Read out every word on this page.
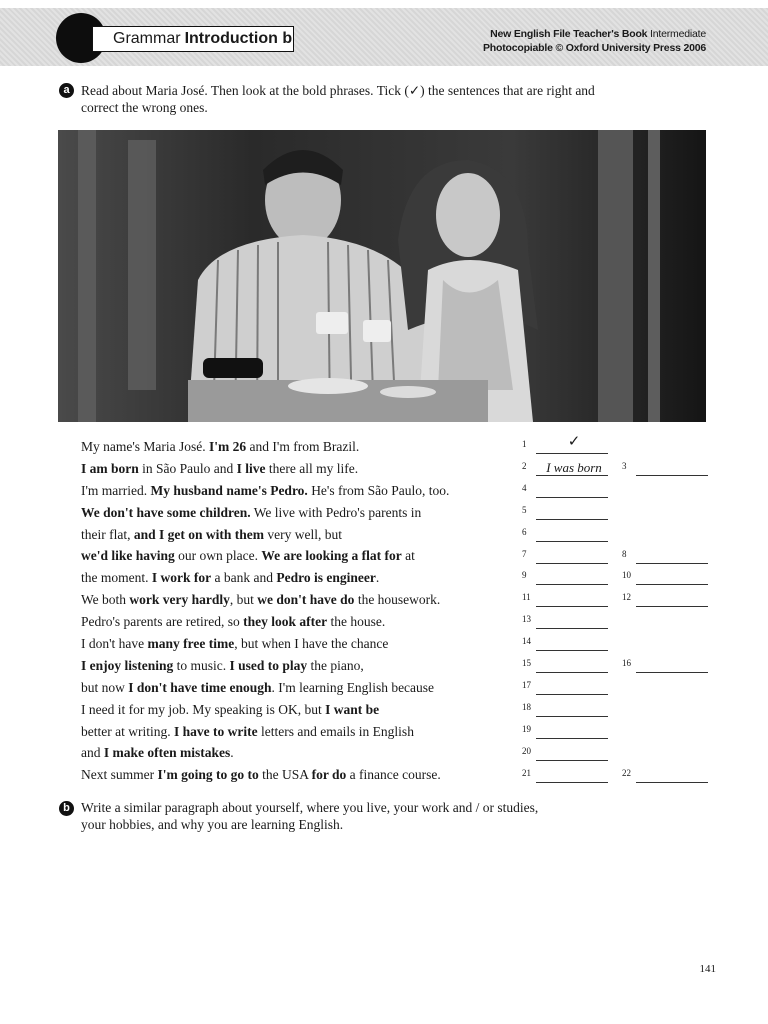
Grammar Introduction b	New English File Teacher's Book Intermediate
Photocopiable © Oxford University Press 2006
a Read about Maria José. Then look at the bold phrases. Tick (✓) the sentences that are right and
correct the wrong ones.
My name's Maria José. I'm 26 and I'm from Brazil.
I am born in São Paulo and I live there all my life.
I'm married. My husband name's Pedro. He's from São Paulo, too.
We don't have some children. We live with Pedro's parents in
their flat, and I get on with them very well, but
we'd like having our own place. We are looking a flat for at
the moment. I work for a bank and Pedro is engineer.
We both work very hardly, but we don't have do the housework.
Pedro's parents are retired, so they look after the house.
I don't have many free time, but when I have the chance
I enjoy listening to music. I used to play the piano,
but now I don't have time enough. I'm learning English because
I need it for my job. My speaking is OK, but I want be
better at writing. I have to write letters and emails in English
and I make often mistakes.
Next summer I'm going to go to the USA for do a finance course.
1	✓
2	I was born	3
4
5
6
7	8
9	10
11	12
13
14
15	16
17
18
19
20
21	22
b Write a similar paragraph about yourself, where you live, your work and / or studies,
your hobbies, and why you are learning English.
141
